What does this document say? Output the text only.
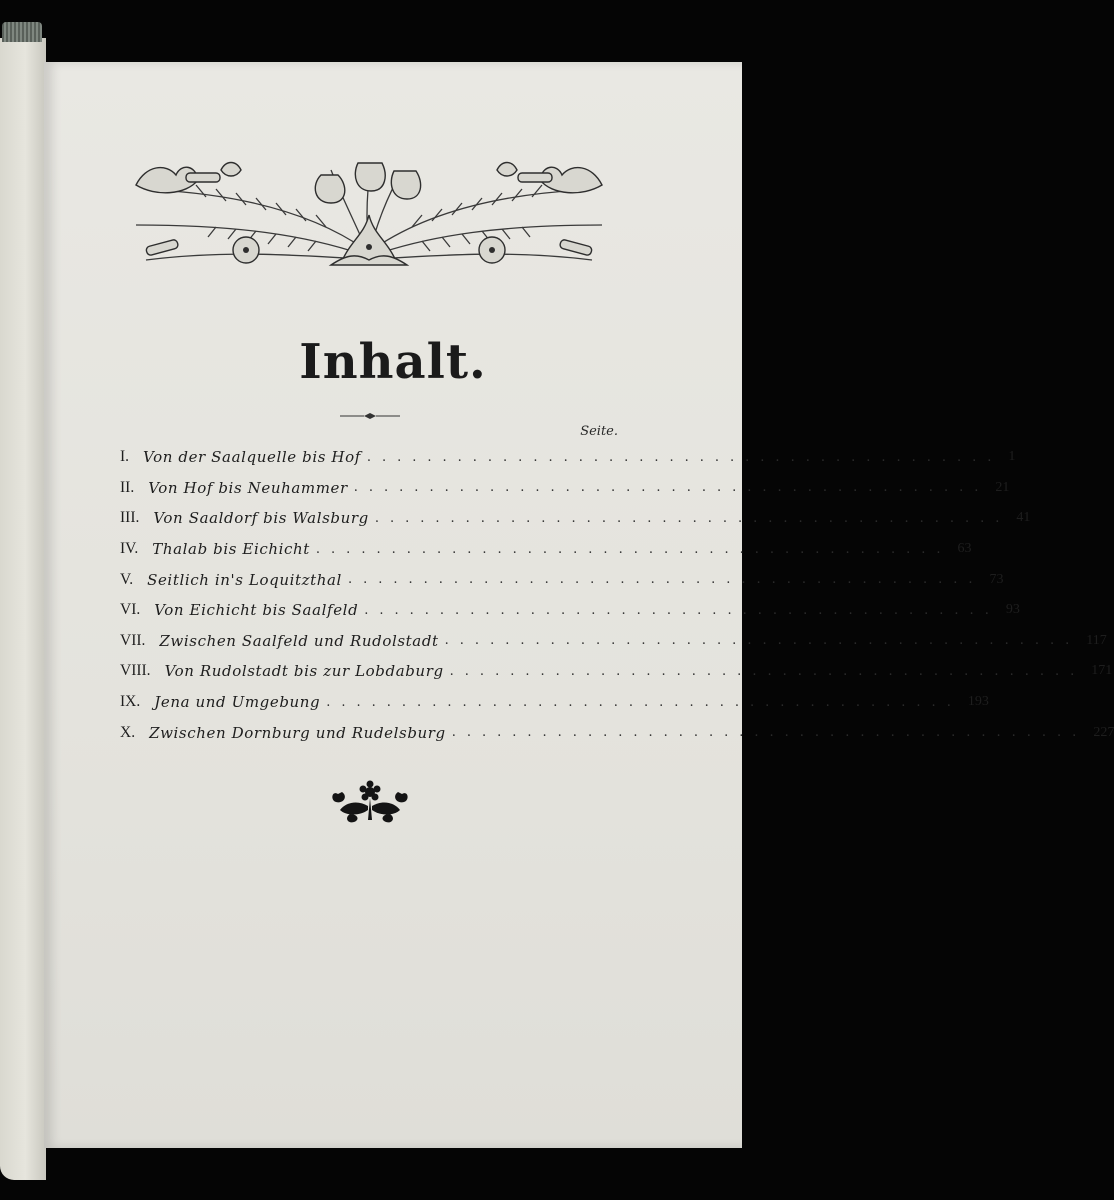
Inhalt.
Seite.
I. Von der Saalquelle bis Hof .......................................... 1
II. Von Hof bis Neuhammer .......................................... 21
III. Von Saaldorf bis Walsburg .......................................... 41
IV. Thalab bis Eichicht .......................................... 63
V. Seitlich in's Loquitzthal .......................................... 73
VI. Von Eichicht bis Saalfeld .......................................... 93
VII. Zwischen Saalfeld und Rudolstadt .......................................... 117
VIII. Von Rudolstadt bis zur Lobdaburg .......................................... 171
IX. Jena und Umgebung .......................................... 193
X. Zwischen Dornburg und Rudelsburg .......................................... 227
